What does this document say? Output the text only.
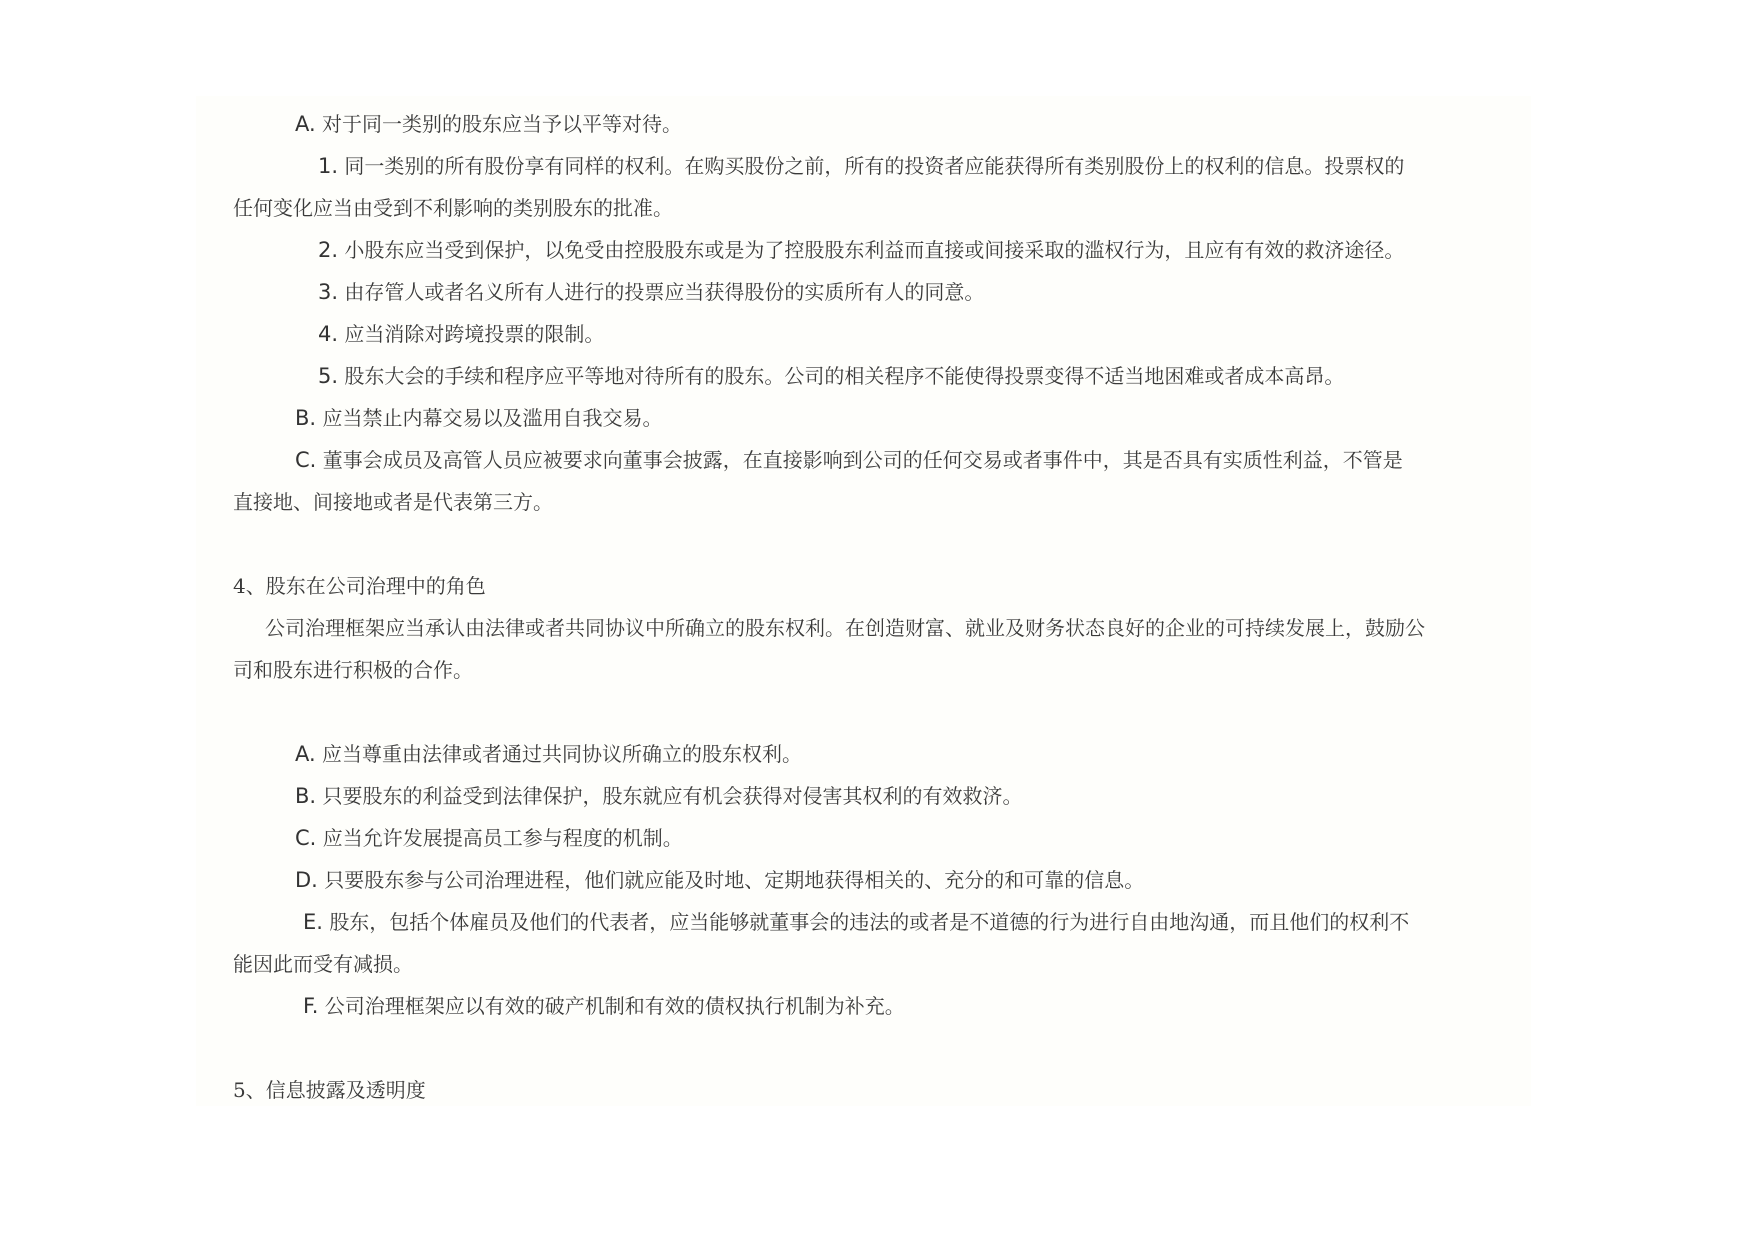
A. 对于同一类别的股东应当予以平等对待。
1. 同一类别的所有股份享有同样的权利。在购买股份之前，所有的投资者应能获得所有类别股份上的权利的信息。投票权的
任何变化应当由受到不利影响的类别股东的批准。
2. 小股东应当受到保护，以免受由控股股东或是为了控股股东利益而直接或间接采取的滥权行为，且应有有效的救济途径。
3. 由存管人或者名义所有人进行的投票应当获得股份的实质所有人的同意。
4. 应当消除对跨境投票的限制。
5. 股东大会的手续和程序应平等地对待所有的股东。公司的相关程序不能使得投票变得不适当地困难或者成本高昂。
B. 应当禁止内幕交易以及滥用自我交易。
C. 董事会成员及高管人员应被要求向董事会披露，在直接影响到公司的任何交易或者事件中，其是否具有实质性利益，不管是
直接地、间接地或者是代表第三方。
4、股东在公司治理中的角色
公司治理框架应当承认由法律或者共同协议中所确立的股东权利。在创造财富、就业及财务状态良好的企业的可持续发展上，鼓励公
司和股东进行积极的合作。
A. 应当尊重由法律或者通过共同协议所确立的股东权利。
B. 只要股东的利益受到法律保护，股东就应有机会获得对侵害其权利的有效救济。
C. 应当允许发展提高员工参与程度的机制。
D. 只要股东参与公司治理进程，他们就应能及时地、定期地获得相关的、充分的和可靠的信息。
E. 股东，包括个体雇员及他们的代表者，应当能够就董事会的违法的或者是不道德的行为进行自由地沟通，而且他们的权利不
能因此而受有减损。
F. 公司治理框架应以有效的破产机制和有效的债权执行机制为补充。
5、信息披露及透明度
